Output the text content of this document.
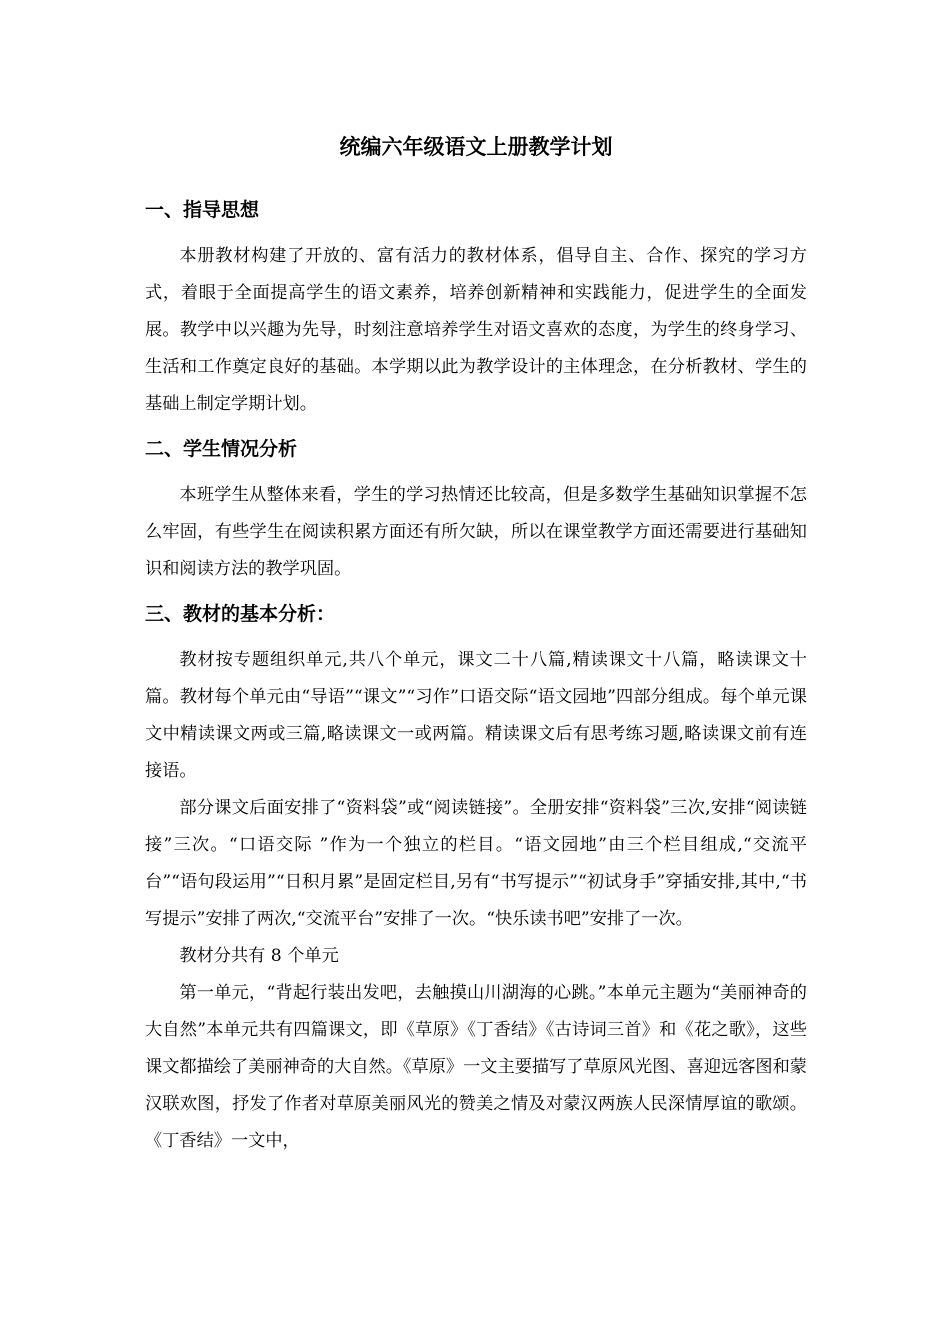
统编六年级语文上册教学计划
一、指导思想

本册教材构建了开放的、富有活力的教材体系，倡导自主、合作、探究的学习方式，着眼于全面提高学生的语文素养，培养创新精神和实践能力，促进学生的全面发展。教学中以兴趣为先导，时刻注意培养学生对语文喜欢的态度，为学生的终身学习、生活和工作奠定良好的基础。本学期以此为教学设计的主体理念，在分析教材、学生的基础上制定学期计划。

二、学生情况分析

本班学生从整体来看，学生的学习热情还比较高，但是多数学生基础知识掌握不怎么牢固，有些学生在阅读积累方面还有所欠缺，所以在课堂教学方面还需要进行基础知识和阅读方法的教学巩固。

三、教材的基本分析：

教材按专题组织单元,共八个单元，课文二十八篇,精读课文十八篇，略读课文十篇。教材每个单元由“导语”“课文”“习作”口语交际“语文园地”四部分组成。每个单元课文中精读课文两或三篇,略读课文一或两篇。精读课文后有思考练习题,略读课文前有连接语。

部分课文后面安排了“资料袋”或“阅读链接”。全册安排“资料袋”三次,安排“阅读链接”三次。“口语交际 ”作为一个独立的栏目。“语文园地”由三个栏目组成,“交流平台”“语句段运用”“日积月累”是固定栏目,另有“书写提示”“初试身手”穿插安排,其中,“书写提示”安排了两次,“交流平台”安排了一次。“快乐读书吧”安排了一次。

教材分共有 8 个单元

第一单元，“背起行装出发吧，去触摸山川湖海的心跳。”本单元主题为“美丽神奇的大自然”本单元共有四篇课文，即《草原》《丁香结》《古诗词三首》和《花之歌》，这些课文都描绘了美丽神奇的大自然。《草原》一文主要描写了草原风光图、喜迎远客图和蒙汉联欢图，抒发了作者对草原美丽风光的赞美之情及对蒙汉两族人民深情厚谊的歌颂。《丁香结》一文中，
